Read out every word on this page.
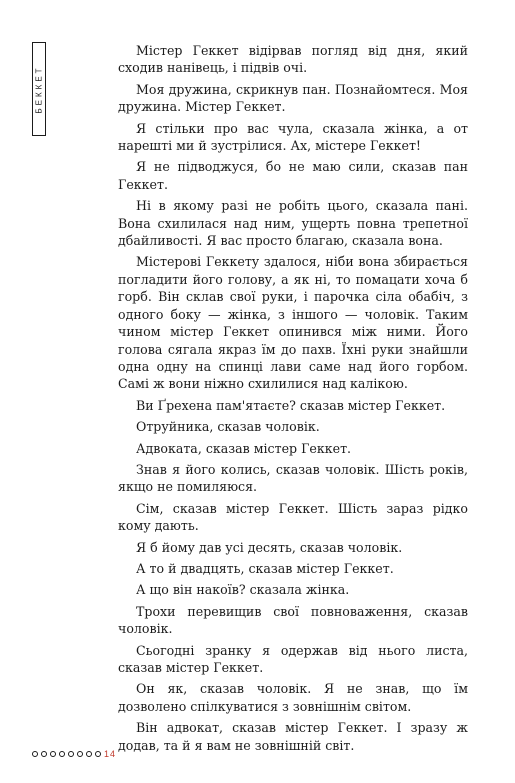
БЕККЕТ

Містер Геккет відірвав погляд від дня, який сходив нанівець, і підвів очі.

Моя дружина, скрикнув пан. Познайомтеся. Моя дружина. Містер Геккет.

Я стільки про вас чула, сказала жінка, а от нарешті ми й зустрілися. Ах, містере Геккет!

Я не підводжуся, бо не маю сили, сказав пан Геккет.

Ні в якому разі не робіть цього, сказала пані. Вона схилилася над ним, ущерть повна трепетної дбайливості. Я вас просто благаю, сказала вона.

Містерові Геккету здалося, ніби вона збирається погладити його голову, а як ні, то помацати хоча б горб. Він склав свої руки, і парочка сіла обабіч, з одного боку — жінка, з іншого — чоловік. Таким чином містер Геккет опинився між ними. Його голова сягала якраз їм до пахв. Їхні руки знайшли одна одну на спинці лави саме над його горбом. Самі ж вони ніжно схилилися над калікою.

Ви Ґрехена пам'ятаєте? сказав містер Геккет.

Отруйника, сказав чоловік.

Адвоката, сказав містер Геккет.

Знав я його колись, сказав чоловік. Шість років, якщо не помиляюся.

Сім, сказав містер Геккет. Шість зараз рідко кому дають.

Я б йому дав усі десять, сказав чоловік.

А то й двадцять, сказав містер Геккет.

А що він накоїв? сказала жінка.

Трохи перевищив свої повноваження, сказав чоловік.

Сьогодні зранку я одержав від нього листа, сказав містер Геккет.

Он як, сказав чоловік. Я не знав, що їм дозволено спілкуватися з зовнішнім світом.

Він адвокат, сказав містер Геккет. І зразу ж додав, та й я вам не зовнішній світ.

14
